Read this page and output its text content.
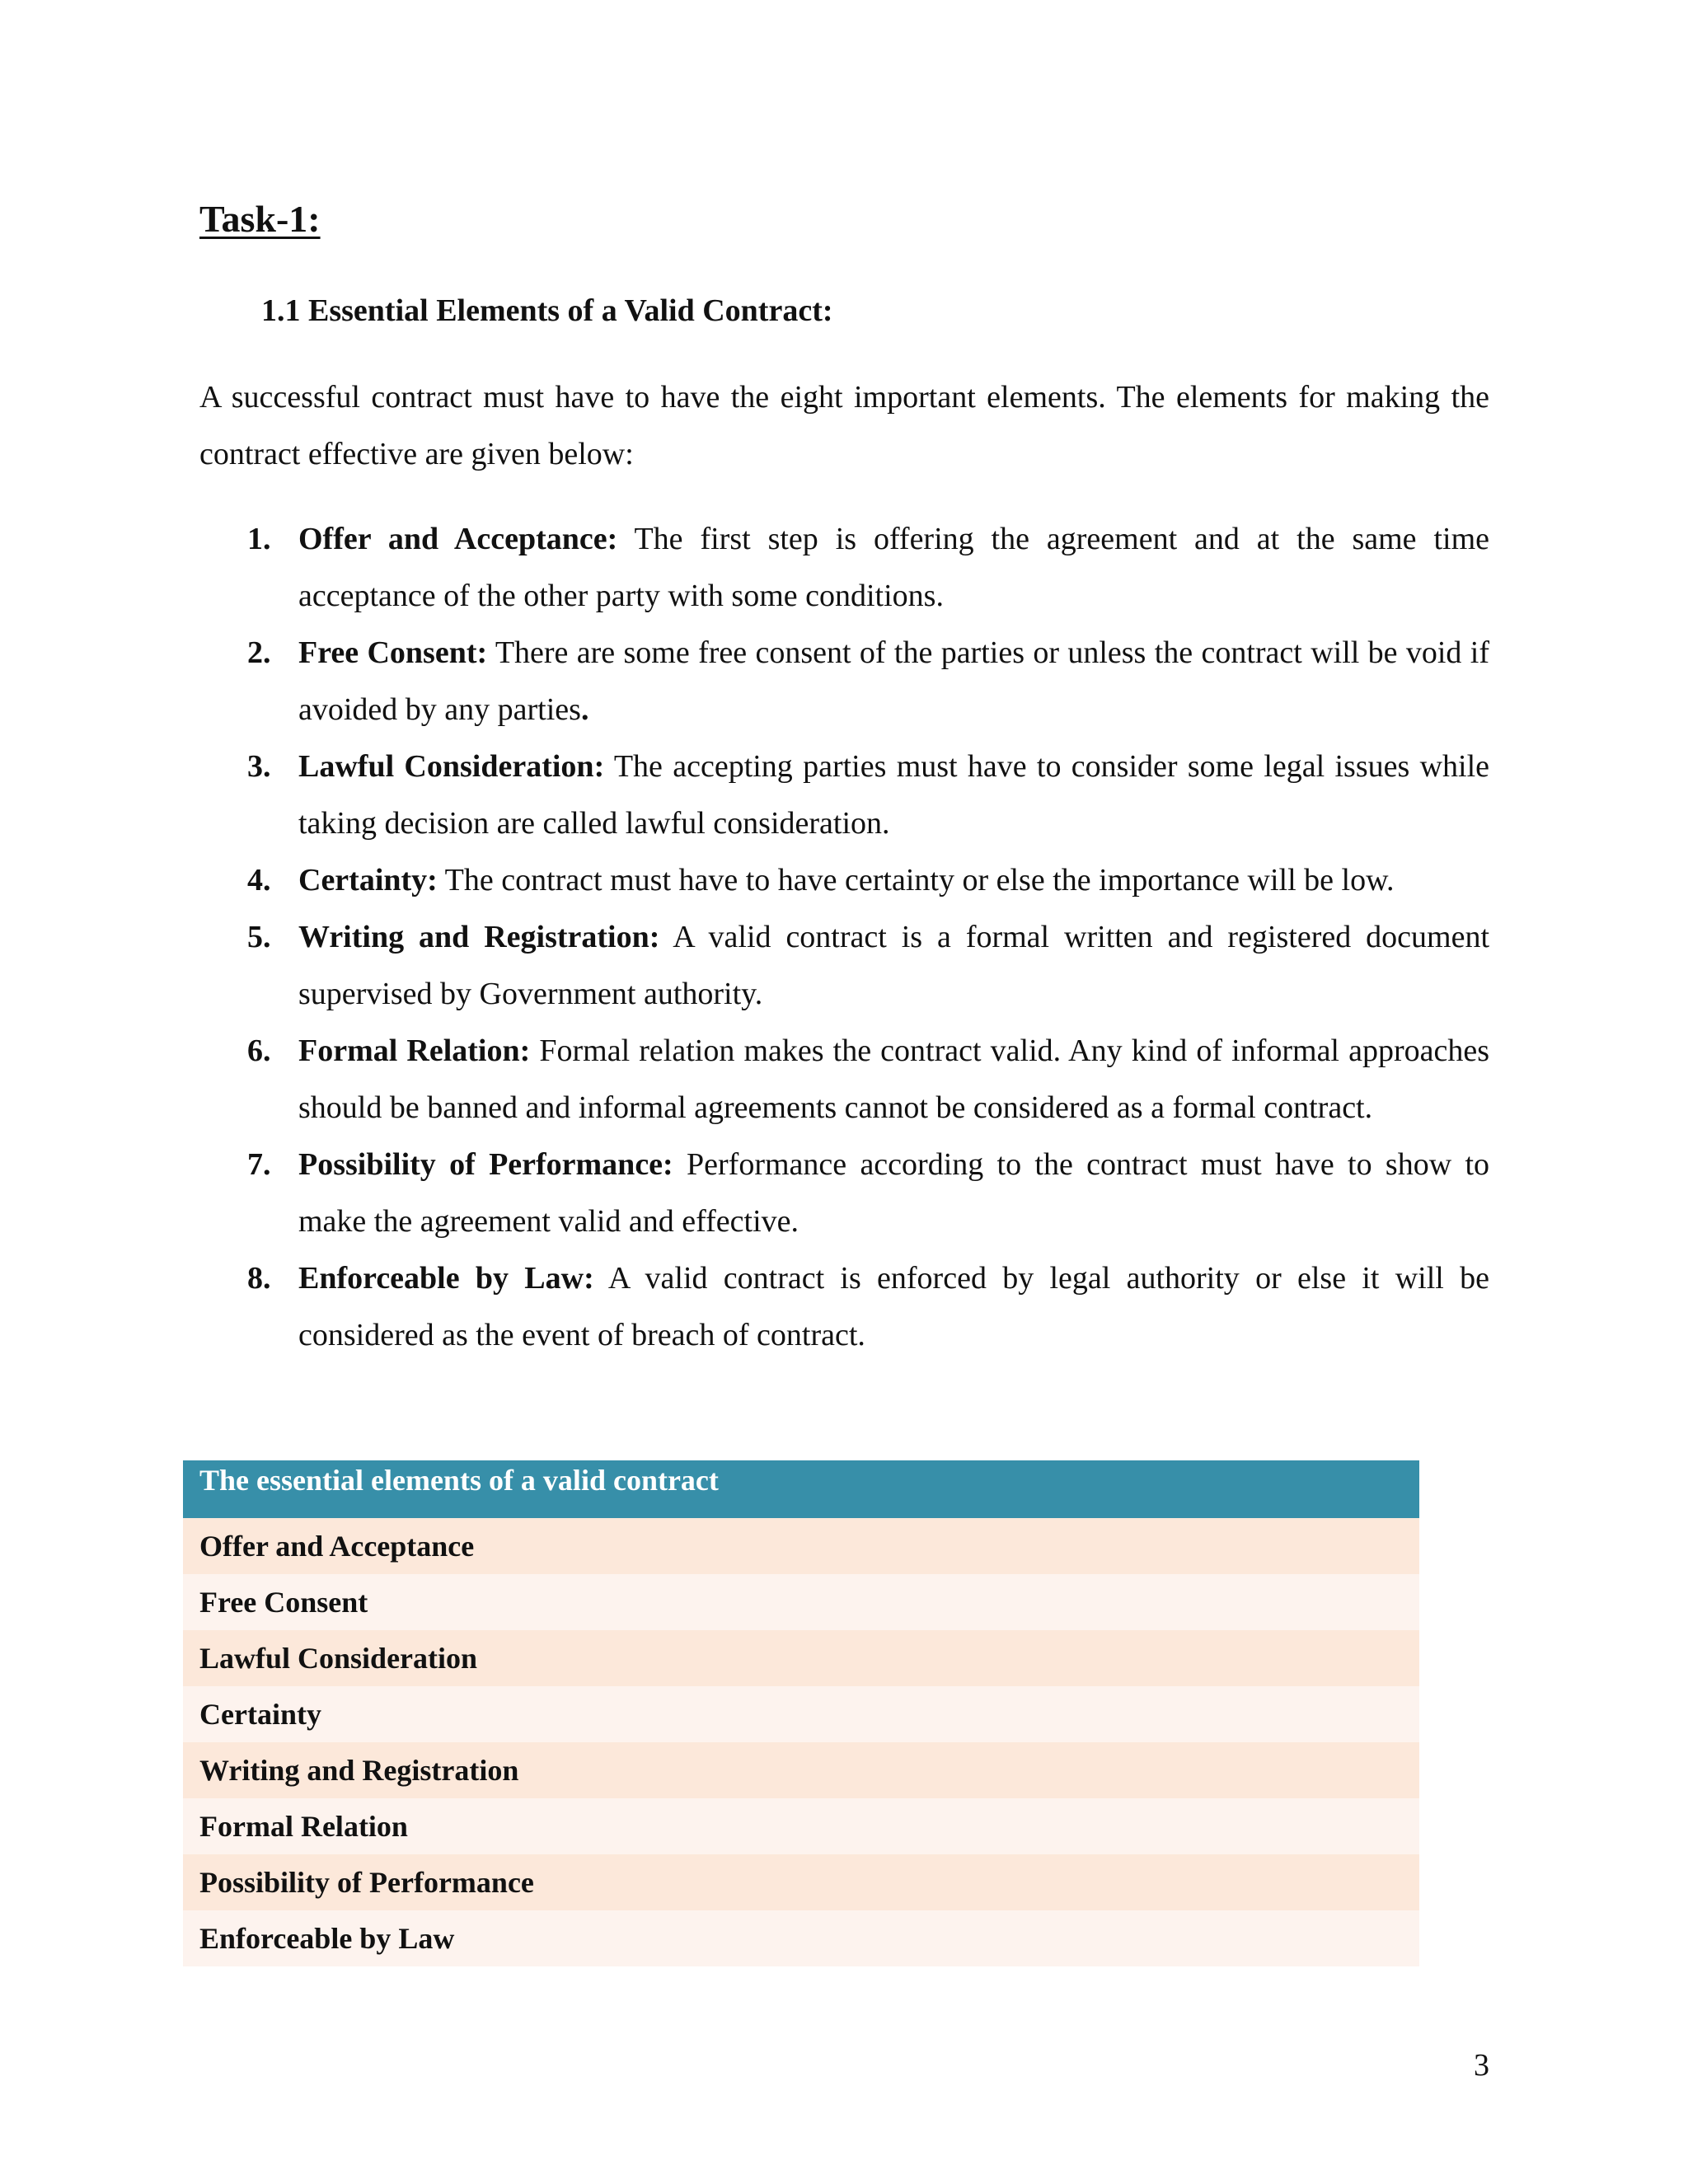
Task-1:
1.1 Essential Elements of a Valid Contract:

A successful contract must have to have the eight important elements. The elements for making the contract effective are given below:

1. Offer and Acceptance: The first step is offering the agreement and at the same time acceptance of the other party with some conditions.
2. Free Consent: There are some free consent of the parties or unless the contract will be void if avoided by any parties.
3. Lawful Consideration: The accepting parties must have to consider some legal issues while taking decision are called lawful consideration.
4. Certainty: The contract must have to have certainty or else the importance will be low.
5. Writing and Registration: A valid contract is a formal written and registered document supervised by Government authority.
6. Formal Relation: Formal relation makes the contract valid. Any kind of informal approaches should be banned and informal agreements cannot be considered as a formal contract.
7. Possibility of Performance: Performance according to the contract must have to show to make the agreement valid and effective.
8. Enforceable by Law: A valid contract is enforced by legal authority or else it will be considered as the event of breach of contract.
The essential elements of a valid contract
Offer and Acceptance
Free Consent
Lawful Consideration
Certainty
Writing and Registration
Formal Relation
Possibility of Performance
Enforceable by Law

3
